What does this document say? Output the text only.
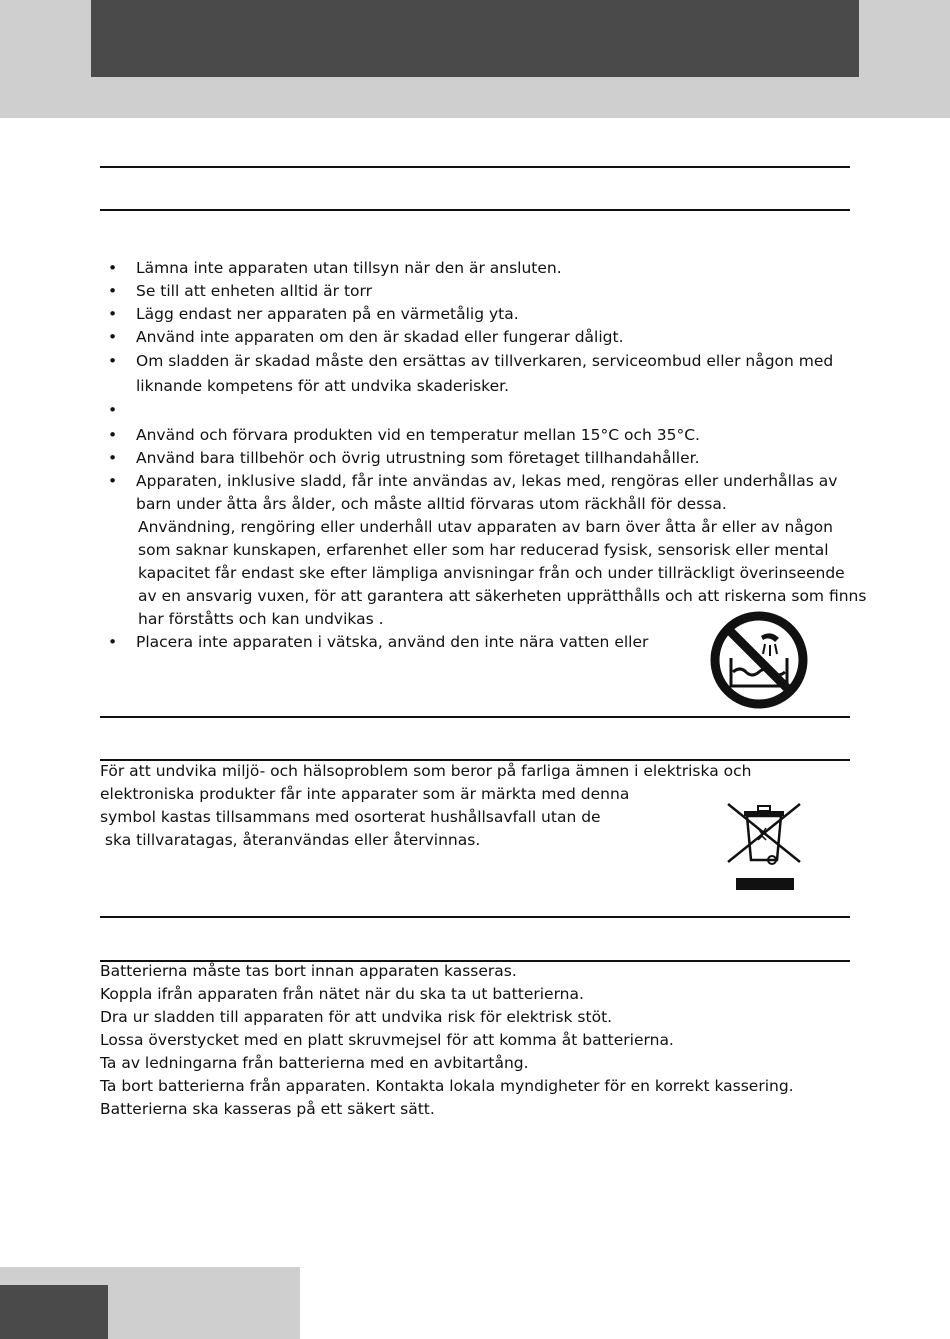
• Lämna inte apparaten utan tillsyn när den är ansluten.
• Se till att enheten alltid är torr
• Lägg endast ner apparaten på en värmetålig yta.
• Använd inte apparaten om den är skadad eller fungerar dåligt.
• Om sladden är skadad måste den ersättas av tillverkaren, serviceombud eller någon med liknande kompetens för att undvika skaderisker.
•
• Använd och förvara produkten vid en temperatur mellan 15°C och 35°C.
• Använd bara tillbehör och övrig utrustning som företaget tillhandahåller.
• Apparaten, inklusive sladd, får inte användas av, lekas med, rengöras eller underhållas av barn under åtta års ålder, och måste alltid förvaras utom räckhåll för dessa.
Användning, rengöring eller underhåll utav apparaten av barn över åtta år eller av någon som saknar kunskapen, erfarenhet eller som har reducerad fysisk, sensorisk eller mental kapacitet får endast ske efter lämpliga anvisningar från och under tillräckligt överinseende av en ansvarig vuxen, för att garantera att säkerheten upprätthålls och att riskerna som finns har förståtts och kan undvikas .
• Placera inte apparaten i vätska, använd den inte nära vatten eller

För att undvika miljö- och hälsoproblem som beror på farliga ämnen i elektriska och

elektroniska produkter får inte apparater som är märkta med denna

symbol kastas tillsammans med osorterat hushållsavfall utan de

ska tillvaratagas, återanvändas eller återvinnas.

Batterierna måste tas bort innan apparaten kasseras.

Koppla ifrån apparaten från nätet när du ska ta ut batterierna.

Dra ur sladden till apparaten för att undvika risk för elektrisk stöt.

Lossa överstycket med en platt skruvmejsel för att komma åt batterierna.

Ta av ledningarna från batterierna med en avbitartång.

Ta bort batterierna från apparaten. Kontakta lokala myndigheter för en korrekt kassering.

Batterierna ska kasseras på ett säkert sätt.
